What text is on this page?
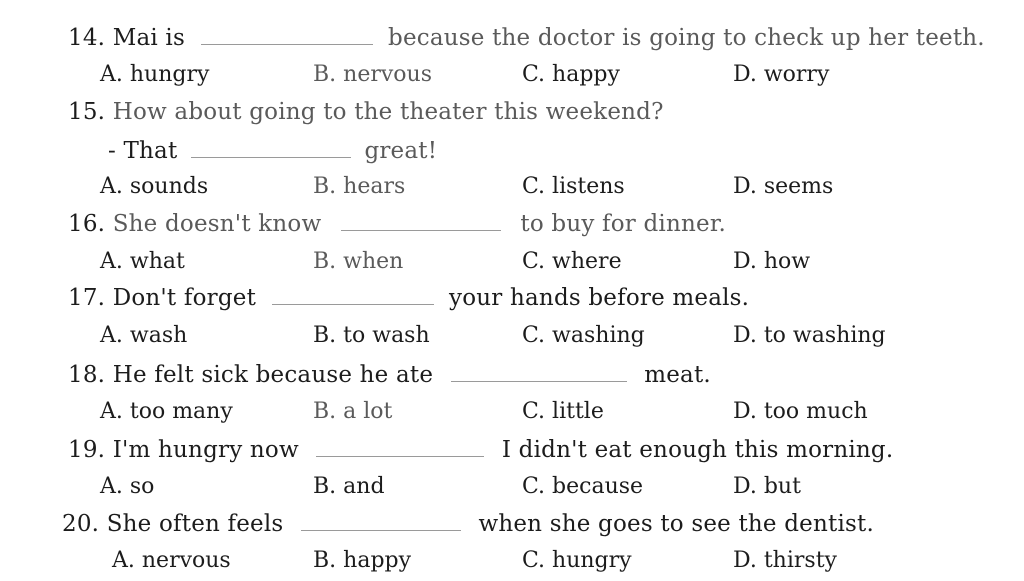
14. Mai is	because the doctor is going to check up her teeth.
A. hungry	B. nervous	C. happy	D. worry
15. How about going to the theater this weekend?
- That	great!
A. sounds	B. hears	C. listens	D. seems
16. She doesn't know	to buy for dinner.
A. what	B. when	C. where	D. how
17. Don't forget	your hands before meals.
A. wash	B. to wash	C. washing	D. to washing
18. He felt sick because he ate	meat.
A. too many	B. a lot	C. little	D. too much
19. I'm hungry now	I didn't eat enough this morning.
A. so	B. and	C. because	D. but
20. She often feels	when she goes to see the dentist.
A. nervous	B. happy	C. hungry	D. thirsty
